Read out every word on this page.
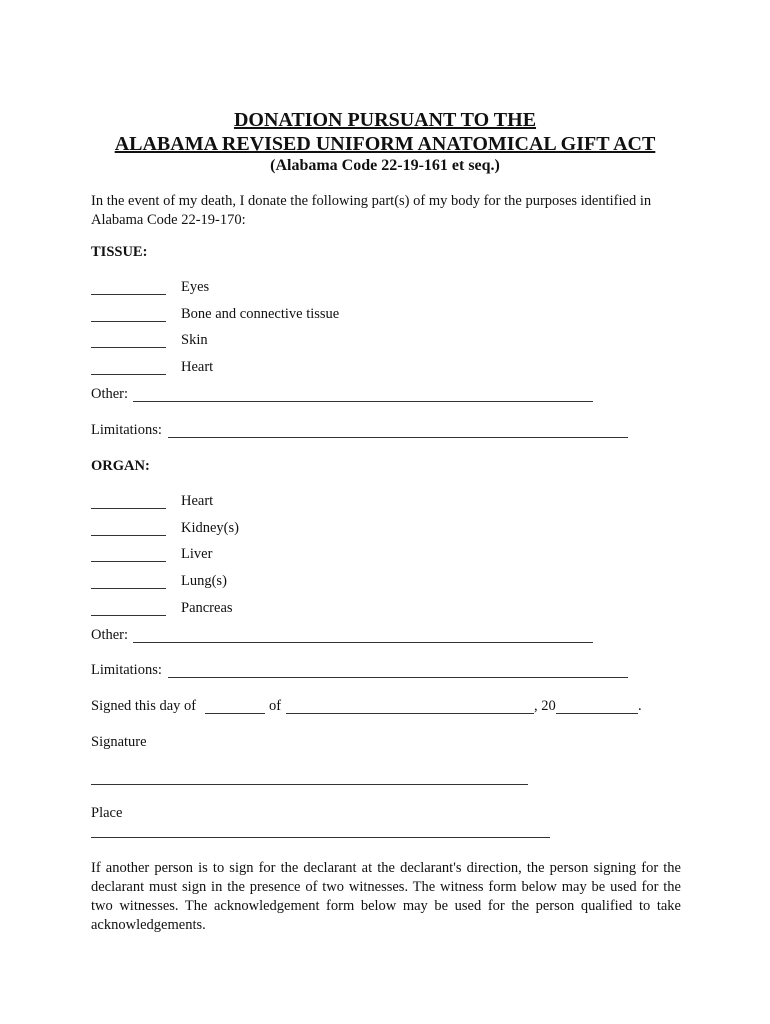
DONATION PURSUANT TO THE
ALABAMA REVISED UNIFORM ANATOMICAL GIFT ACT
(Alabama Code 22-19-161 et seq.)
In the event of my death, I donate the following part(s) of my body for the purposes identified in Alabama Code 22-19-170:
TISSUE:
Eyes
Bone and connective tissue
Skin
Heart
Other:
Limitations:
ORGAN:
Heart
Kidney(s)
Liver
Lung(s)
Pancreas
Other:
Limitations:
Signed this day of	of	, 20	.
Signature
Place
If another person is to sign for the declarant at the declarant's direction, the person signing for the declarant must sign in the presence of two witnesses. The witness form below may be used for the two witnesses. The acknowledgement form below may be used for the person qualified to take acknowledgements.
